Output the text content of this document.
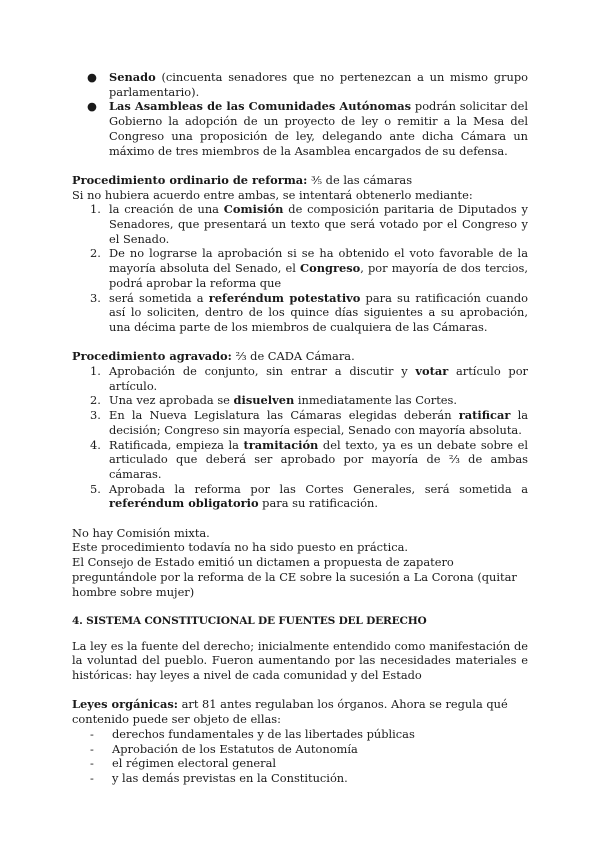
● Senado (cincuenta senadores que no pertenezcan a un mismo grupo parlamentario).
● Las Asambleas de las Comunidades Autónomas podrán solicitar del Gobierno la adopción de un proyecto de ley o remitir a la Mesa del Congreso una proposición de ley, delegando ante dicha Cámara un máximo de tres miembros de la Asamblea encargados de su defensa.

Procedimiento ordinario de reforma: ⅗ de las cámaras

Si no hubiera acuerdo entre ambas, se intentará obtenerlo mediante:

1. la creación de una Comisión de composición paritaria de Diputados y Senadores, que presentará un texto que será votado por el Congreso y el Senado.
2. De no lograrse la aprobación si se ha obtenido el voto favorable de la mayoría absoluta del Senado, el Congreso, por mayoría de dos tercios, podrá aprobar la reforma que
3. será sometida a referéndum potestativo para su ratificación cuando así lo soliciten, dentro de los quince días siguientes a su aprobación, una décima parte de los miembros de cualquiera de las Cámaras.

Procedimiento agravado: ⅔ de CADA Cámara.

1. Aprobación de conjunto, sin entrar a discutir y votar artículo por artículo.
2. Una vez aprobada se disuelven inmediatamente las Cortes.
3. En la Nueva Legislatura las Cámaras elegidas deberán ratificar la decisión; Congreso sin mayoría especial, Senado con mayoría absoluta.
4. Ratificada, empieza la tramitación del texto, ya es un debate sobre el articulado que deberá ser aprobado por mayoría de ⅔ de ambas cámaras.
5. Aprobada la reforma por las Cortes Generales, será sometida a referéndum obligatorio para su ratificación.

No hay Comisión mixta.

Este procedimiento todavía no ha sido puesto en práctica.

El Consejo de Estado emitió un dictamen a propuesta de zapatero preguntándole por la reforma de la CE sobre la sucesión a La Corona (quitar hombre sobre mujer)

4. SISTEMA CONSTITUCIONAL DE FUENTES DEL DERECHO

La ley es la fuente del derecho; inicialmente entendido como manifestación de la voluntad del pueblo. Fueron aumentando por las necesidades materiales e históricas: hay leyes a nivel de cada comunidad y del Estado

Leyes orgánicas: art 81 antes regulaban los órganos. Ahora se regula qué contenido puede ser objeto de ellas:

- derechos fundamentales y de las libertades públicas
- Aprobación de los Estatutos de Autonomía
- el régimen electoral general
- y las demás previstas en la Constitución.
